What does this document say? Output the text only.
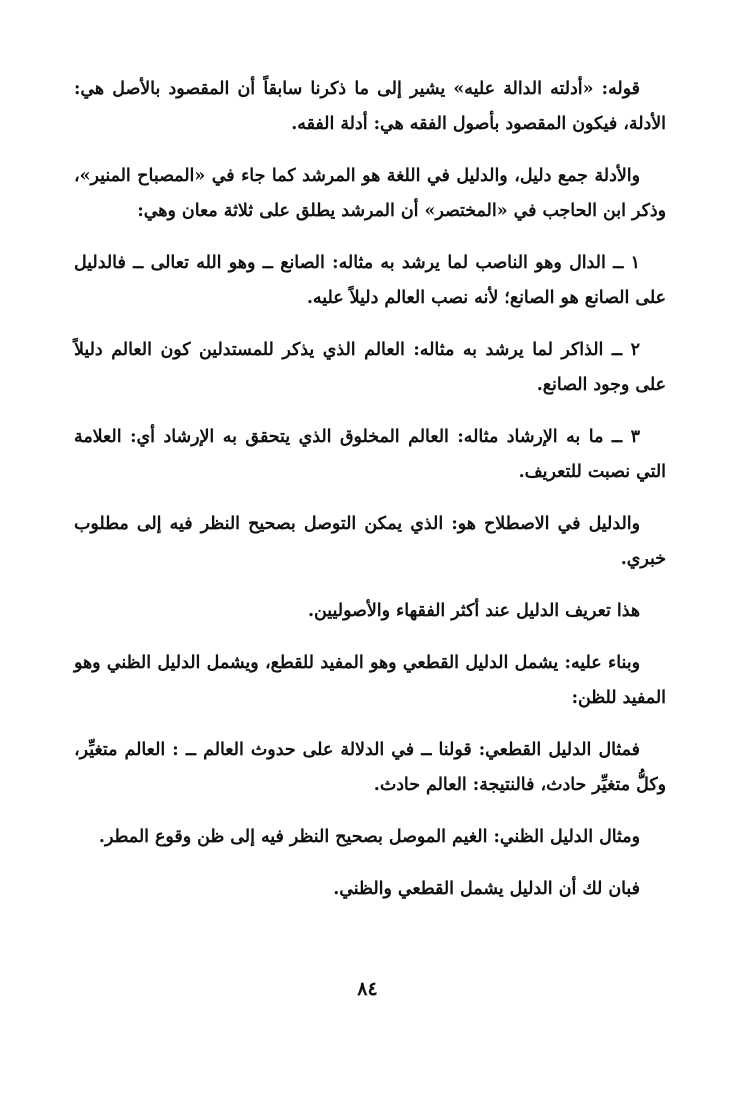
قوله: «أدلته الدالة عليه» يشير إلى ما ذكرنا سابقاً أن المقصود بالأصل هي: الأدلة، فيكون المقصود بأصول الفقه هي: أدلة الفقه.

والأدلة جمع دليل، والدليل في اللغة هو المرشد كما جاء في «المصباح المنير»، وذكر ابن الحاجب في «المختصر» أن المرشد يطلق على ثلاثة معان وهي:

١ ــ الدال وهو الناصب لما يرشد به مثاله: الصانع ــ وهو الله تعالى ــ فالدليل على الصانع هو الصانع؛ لأنه نصب العالم دليلاً عليه.

٢ ــ الذاكر لما يرشد به مثاله: العالم الذي يذكر للمستدلين كون العالم دليلاً على وجود الصانع.

٣ ــ ما به الإرشاد مثاله: العالم المخلوق الذي يتحقق به الإرشاد أي: العلامة التي نصبت للتعريف.

والدليل في الاصطلاح هو: الذي يمكن التوصل بصحيح النظر فيه إلى مطلوب خبري.

هذا تعريف الدليل عند أكثر الفقهاء والأصوليين.

وبناء عليه: يشمل الدليل القطعي وهو المفيد للقطع، ويشمل الدليل الظني وهو المفيد للظن:

فمثال الدليل القطعي: قولنا ــ في الدلالة على حدوث العالم ــ : العالم متغيِّر، وكلُّ متغيِّر حادث، فالنتيجة: العالم حادث.

ومثال الدليل الظني: الغيم الموصل بصحيح النظر فيه إلى ظن وقوع المطر.

فبان لك أن الدليل يشمل القطعي والظني.

٨٤
